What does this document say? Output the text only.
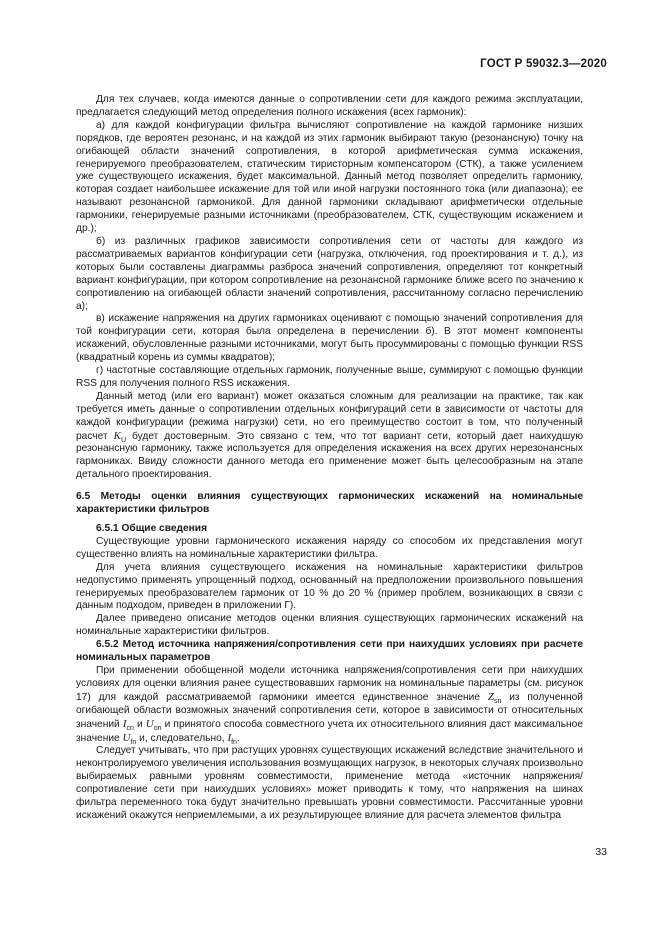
ГОСТ Р 59032.3—2020

Для тех случаев, когда имеются данные о сопротивлении сети для каждого режима эксплуатации, предлагается следующий метод определения полного искажения (всех гармоник):

а) для каждой конфигурации фильтра вычисляют сопротивление на каждой гармонике низших порядков, где вероятен резонанс, и на каждой из этих гармоник выбирают такую (резонансную) точку на огибающей области значений сопротивления, в которой арифметическая сумма искажения, генерируемого преобразователем, статическим тиристорным компенсатором (СТК), а также усилением уже существующего искажения, будет максимальной. Данный метод позволяет определить гармонику, которая создает наибольшее искажение для той или иной нагрузки постоянного тока (или диапазона); ее называют резонансной гармоникой. Для данной гармоники складывают арифметически отдельные гармоники, генерируемые разными источниками (преобразователем, СТК, существующим искажением и др.);

б) из различных графиков зависимости сопротивления сети от частоты для каждого из рассматриваемых вариантов конфигурации сети (нагрузка, отключения, год проектирования и т. д.), из которых были составлены диаграммы разброса значений сопротивления, определяют тот конкретный вариант конфигурации, при котором сопротивление на резонансной гармонике ближе всего по значению к сопротивлению на огибающей области значений сопротивления, рассчитанному согласно перечислению а);

в) искажение напряжения на других гармониках оценивают с помощью значений сопротивления для той конфигурации сети, которая была определена в перечислении б). В этот момент компоненты искажений, обусловленные разными источниками, могут быть просуммированы с помощью функции RSS (квадратный корень из суммы квадратов);

г) частотные составляющие отдельных гармоник, полученные выше, суммируют с помощью функции RSS для получения полного RSS искажения.

Данный метод (или его вариант) может оказаться сложным для реализации на практике, так как требуется иметь данные о сопротивлении отдельных конфигураций сети в зависимости от частоты для каждой конфигурации (режима нагрузки) сети, но его преимущество состоит в том, что полученный расчет $K_U$ будет достоверным. Это связано с тем, что тот вариант сети, который дает наихудшую резонансную гармонику, также используется для определения искажения на всех других нерезонансных гармониках. Ввиду сложности данного метода его применение может быть целесообразным на этапе детального проектирования.

6.5 Методы оценки влияния существующих гармонических искажений на номинальные характеристики фильтров
6.5.1 Общие сведения

Существующие уровни гармонического искажения наряду со способом их представления могут существенно влиять на номинальные характеристики фильтра.

Для учета влияния существующего искажения на номинальные характеристики фильтров недопустимо применять упрощенный подход, основанный на предположении произвольного повышения генерируемых преобразователем гармоник от 10 % до 20 % (пример проблем, возникающих в связи с данным подходом, приведен в приложении Г).

Далее приведено описание методов оценки влияния существующих гармонических искажений на номинальные характеристики фильтров.

6.5.2 Метод источника напряжения/сопротивления сети при наихудших условиях при расчете номинальных параметров

При применении обобщенной модели источника напряжения/сопротивления сети при наихудших условиях для оценки влияния ранее существовавших гармоник на номинальные параметры (см. рисунок 17) для каждой рассматриваемой гармоники имеется единственное значение $Z_{sn}$ из полученной огибающей области возможных значений сопротивления сети, которое в зависимости от относительных значений $I_{cn}$ и $U_{on}$ и принятого способа совместного учета их относительного влияния даст максимальное значение $U_{fn}$ и, следовательно, $I_{fn}$.

Следует учитывать, что при растущих уровнях существующих искажений вследствие значительного и неконтролируемого увеличения использования возмущающих нагрузок, в некоторых случаях произвольно выбираемых равными уровням совместимости, применение метода «источник напряжения/сопротивление сети при наихудших условиях» может приводить к тому, что напряжения на шинах фильтра переменного тока будут значительно превышать уровни совместимости. Рассчитанные уровни искажений окажутся неприемлемыми, а их результирующее влияние для расчета элементов фильтра

33
